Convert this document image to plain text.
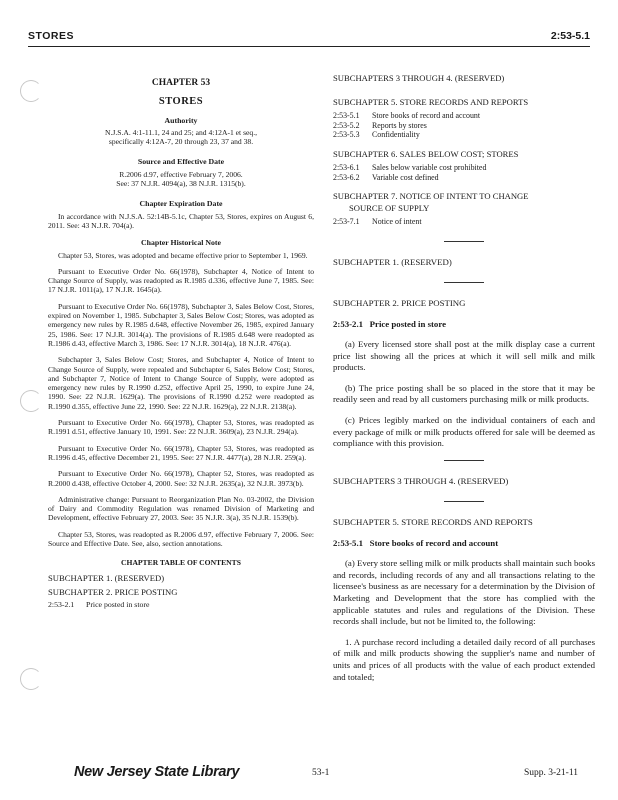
STORES	2:53-5.1
CHAPTER 53
STORES
Authority

N.J.S.A. 4:1-11.1, 24 and 25; and 4:12A-1 et seq.,

specifically 4:12A-7, 20 through 23, 37 and 38.

Source and Effective Date

R.2006 d.97, effective February 7, 2006.

See: 37 N.J.R. 4094(a), 38 N.J.R. 1315(b).

Chapter Expiration Date

In accordance with N.J.S.A. 52:14B-5.1c, Chapter 53, Stores, expires on August 6, 2011. See: 43 N.J.R. 704(a).

Chapter Historical Note

Chapter 53, Stores, was adopted and became effective prior to September 1, 1969.

Pursuant to Executive Order No. 66(1978), Subchapter 4, Notice of Intent to Change Source of Supply, was readopted as R.1985 d.336, effective June 7, 1985. See: 17 N.J.R. 1011(a), 17 N.J.R. 1645(a).

Pursuant to Executive Order No. 66(1978), Subchapter 3, Sales Below Cost, Stores, expired on November 1, 1985. Subchapter 3, Sales Below Cost; Stores, was adopted as emergency new rules by R.1985 d.648, effective November 26, 1985, expired January 25, 1986. See: 17 N.J.R. 3014(a). The provisions of R.1985 d.648 were readopted as R.1986 d.43, effective March 3, 1986. See: 17 N.J.R. 3014(a), 18 N.J.R. 476(a).

Subchapter 3, Sales Below Cost; Stores, and Subchapter 4, Notice of Intent to Change Source of Supply, were repealed and Subchapter 6, Sales Below Cost; Stores, and Subchapter 7, Notice of Intent to Change Source of Supply, were adopted as emergency new rules by R.1990 d.252, effective April 25, 1990, to expire June 24, 1990. See: 22 N.J.R. 1629(a). The provisions of R.1990 d.252 were readopted as R.1990 d.355, effective June 22, 1990. See: 22 N.J.R. 1629(a), 22 N.J.R. 2138(a).

Pursuant to Executive Order No. 66(1978), Chapter 53, Stores, was readopted as R.1991 d.51, effective January 10, 1991. See: 22 N.J.R. 3609(a), 23 N.J.R. 294(a).

Pursuant to Executive Order No. 66(1978), Chapter 53, Stores, was readopted as R.1996 d.45, effective December 21, 1995. See: 27 N.J.R. 4477(a), 28 N.J.R. 259(a).

Pursuant to Executive Order No. 66(1978), Chapter 52, Stores, was readopted as R.2000 d.438, effective October 4, 2000. See: 32 N.J.R. 2635(a), 32 N.J.R. 3973(b).

Administrative change: Pursuant to Reorganization Plan No. 03-2002, the Division of Dairy and Commodity Regulation was renamed Division of Marketing and Development, effective February 27, 2003. See: 35 N.J.R. 3(a), 35 N.J.R. 1539(b).

Chapter 53, Stores, was readopted as R.2006 d.97, effective February 7, 2006. See: Source and Effective Date. See, also, section annotations.

CHAPTER TABLE OF CONTENTS
SUBCHAPTER 1. (RESERVED)
SUBCHAPTER 2. PRICE POSTING
2:53-2.1	Price posted in store
SUBCHAPTERS 3 THROUGH 4. (RESERVED)
SUBCHAPTER 5. STORE RECORDS AND REPORTS
2:53-5.1	Store books of record and account
2:53-5.2	Reports by stores
2:53-5.3	Confidentiality
SUBCHAPTER 6. SALES BELOW COST; STORES
2:53-6.1	Sales below variable cost prohibited
2:53-6.2	Variable cost defined
SUBCHAPTER 7. NOTICE OF INTENT TO CHANGE
SOURCE OF SUPPLY
2:53-7.1	Notice of intent
SUBCHAPTER 1. (RESERVED)
SUBCHAPTER 2. PRICE POSTING
2:53-2.1 Price posted in store

(a) Every licensed store shall post at the milk display case a current price list showing all the prices at which it will sell milk and milk products.

(b) The price posting shall be so placed in the store that it may be readily seen and read by all customers purchasing milk or milk products.

(c) Prices legibly marked on the individual containers of each and every package of milk or milk products offered for sale will be deemed as compliance with this provision.

SUBCHAPTERS 3 THROUGH 4. (RESERVED)
SUBCHAPTER 5. STORE RECORDS AND REPORTS
2:53-5.1 Store books of record and account

(a) Every store selling milk or milk products shall maintain such books and records, including records of any and all transactions relating to the licensee's business as are necessary for a determination by the Division of Marketing and Development that the store has complied with the applicable statutes and rules and regulations of the Division. These records shall include, but not be limited to, the following:

1. A purchase record including a detailed daily record of all purchases of milk and milk products showing the supplier's name and number of units and prices of all products with the value of each product extended and totaled;

New Jersey State Library	53-1	Supp. 3-21-11
